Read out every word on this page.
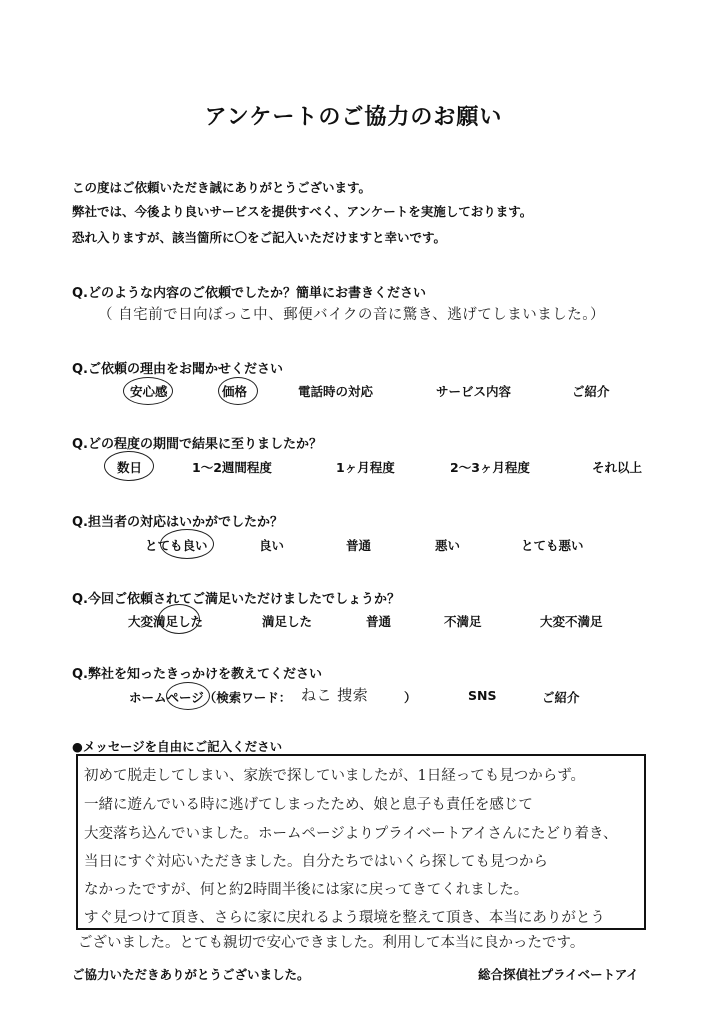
アンケートのご協力のお願い
この度はご依頼いただき誠にありがとうございます。
弊社では、今後より良いサービスを提供すべく、アンケートを実施しております。
恐れ入りますが、該当箇所に〇をご記入いただけますと幸いです。
Q.どのような内容のご依頼でしたか？簡単にお書きください
（ 自宅前で日向ぼっこ中、郵便バイクの音に驚き、逃げてしまいました。）
Q.ご依頼の理由をお聞かせください
安心感	価格	電話時の対応	サービス内容	ご紹介
Q.どの程度の期間で結果に至りましたか？
数日	1～2週間程度	1ヶ月程度	2～3ヶ月程度	それ以上
Q.担当者の対応はいかがでしたか？
とても良い	良い	普通	悪い	とても悪い
Q.今回ご依頼されてご満足いただけましたでしょうか？
大変満足した	満足した	普通	不満足	大変不満足
Q.弊社を知ったきっかけを教えてください
ホームページ（検索ワード： ねこ 捜索	）	SNS	ご紹介
●メッセージを自由にご記入ください
初めて脱走してしまい、家族で探していましたが、1日経っても見つからず。
一緒に遊んでいる時に逃げてしまったため、娘と息子も責任を感じて
大変落ち込んでいました。ホームページよりプライベートアイさんにたどり着き、
当日にすぐ対応いただきました。自分たちではいくら探しても見つから
なかったですが、何と約2時間半後には家に戻ってきてくれました。
すぐ見つけて頂き、さらに家に戻れるよう環境を整えて頂き、本当にありがとう
ございました。とても親切で安心できました。利用して本当に良かったです。
ご協力いただきありがとうございました。	総合探偵社プライベートアイ
